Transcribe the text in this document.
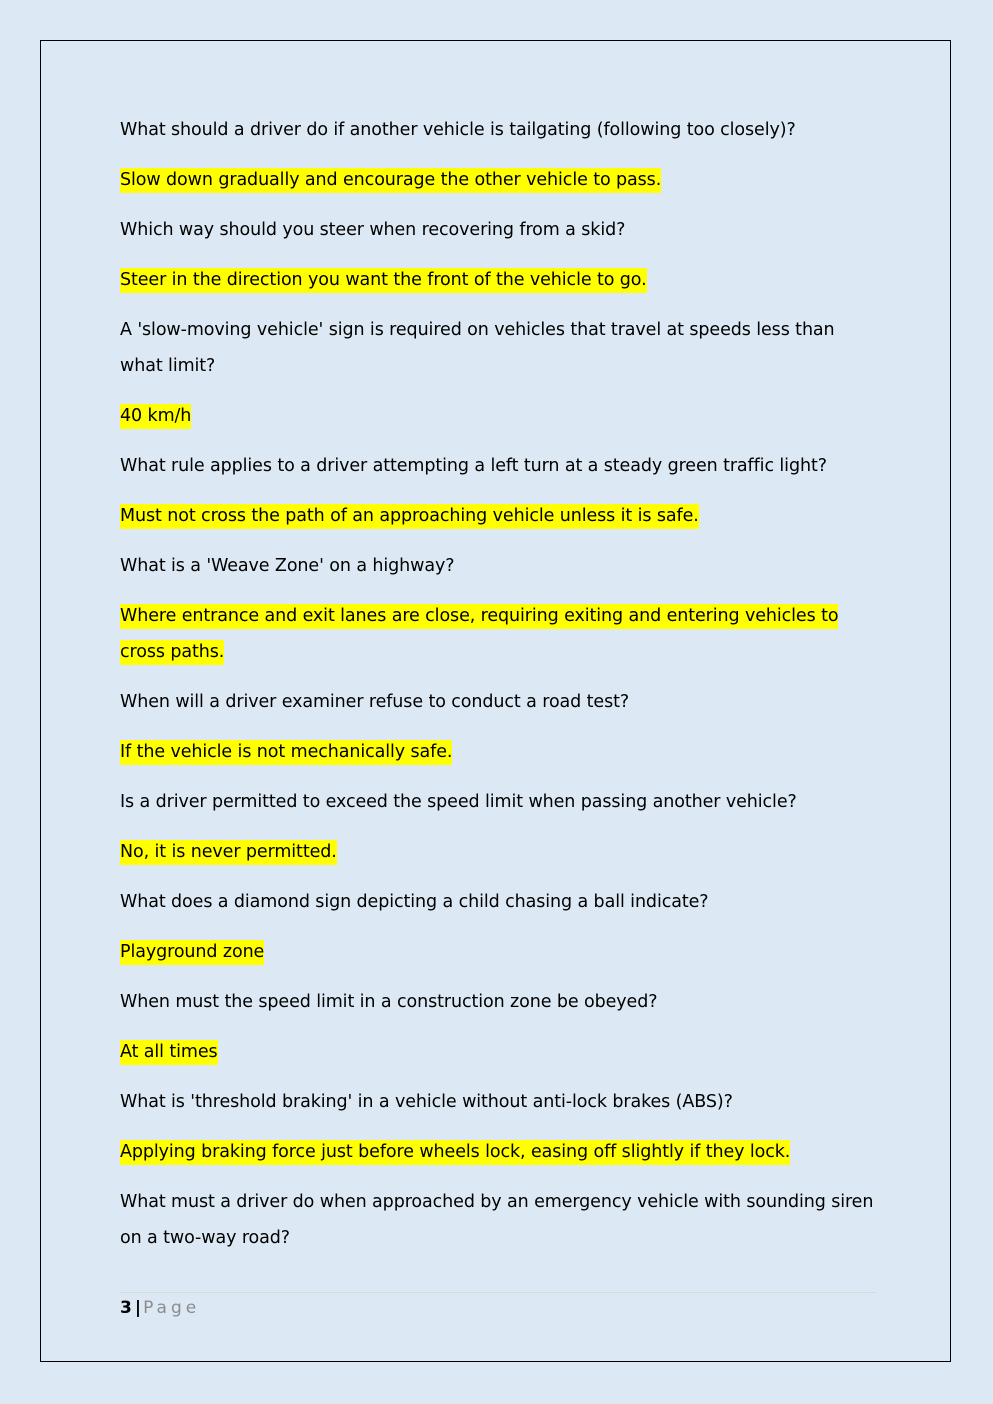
What should a driver do if another vehicle is tailgating (following too closely)?

Slow down gradually and encourage the other vehicle to pass.

Which way should you steer when recovering from a skid?

Steer in the direction you want the front of the vehicle to go.

A 'slow-moving vehicle' sign is required on vehicles that travel at speeds less than what limit?

40 km/h

What rule applies to a driver attempting a left turn at a steady green traffic light?

Must not cross the path of an approaching vehicle unless it is safe.

What is a 'Weave Zone' on a highway?

Where entrance and exit lanes are close, requiring exiting and entering vehicles to cross paths.

When will a driver examiner refuse to conduct a road test?

If the vehicle is not mechanically safe.

Is a driver permitted to exceed the speed limit when passing another vehicle?

No, it is never permitted.

What does a diamond sign depicting a child chasing a ball indicate?

Playground zone

When must the speed limit in a construction zone be obeyed?

At all times

What is 'threshold braking' in a vehicle without anti-lock brakes (ABS)?

Applying braking force just before wheels lock, easing off slightly if they lock.

What must a driver do when approached by an emergency vehicle with sounding siren on a two-way road?

3 | Page
